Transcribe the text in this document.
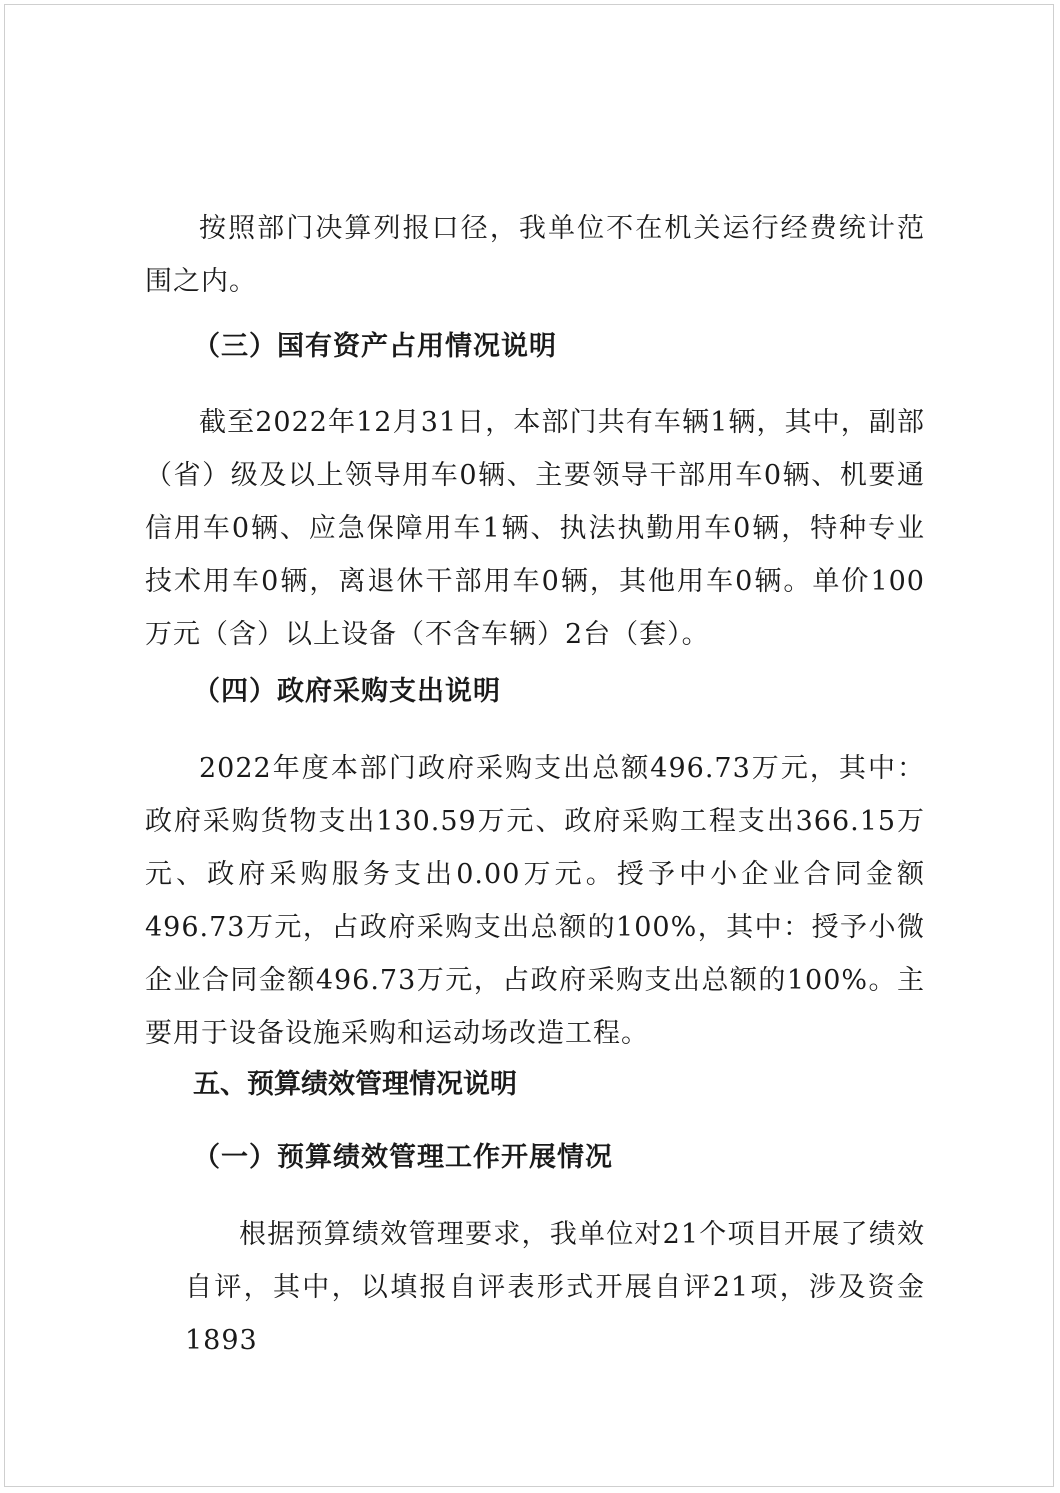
按照部门决算列报口径，我单位不在机关运行经费统计范围之内。

（三）国有资产占用情况说明

截至2022年12月31日，本部门共有车辆1辆，其中，副部（省）级及以上领导用车0辆、主要领导干部用车0辆、机要通信用车0辆、应急保障用车1辆、执法执勤用车0辆，特种专业技术用车0辆，离退休干部用车0辆，其他用车0辆。单价100万元（含）以上设备（不含车辆）2台（套）。

（四）政府采购支出说明

2022年度本部门政府采购支出总额496.73万元，其中：政府采购货物支出130.59万元、政府采购工程支出366.15万元、政府采购服务支出0.00万元。授予中小企业合同金额496.73万元，占政府采购支出总额的100%，其中：授予小微企业合同金额496.73万元，占政府采购支出总额的100%。主要用于设备设施采购和运动场改造工程。

五、预算绩效管理情况说明
（一）预算绩效管理工作开展情况

根据预算绩效管理要求，我单位对21个项目开展了绩效自评，其中，以填报自评表形式开展自评21项，涉及资金1893
